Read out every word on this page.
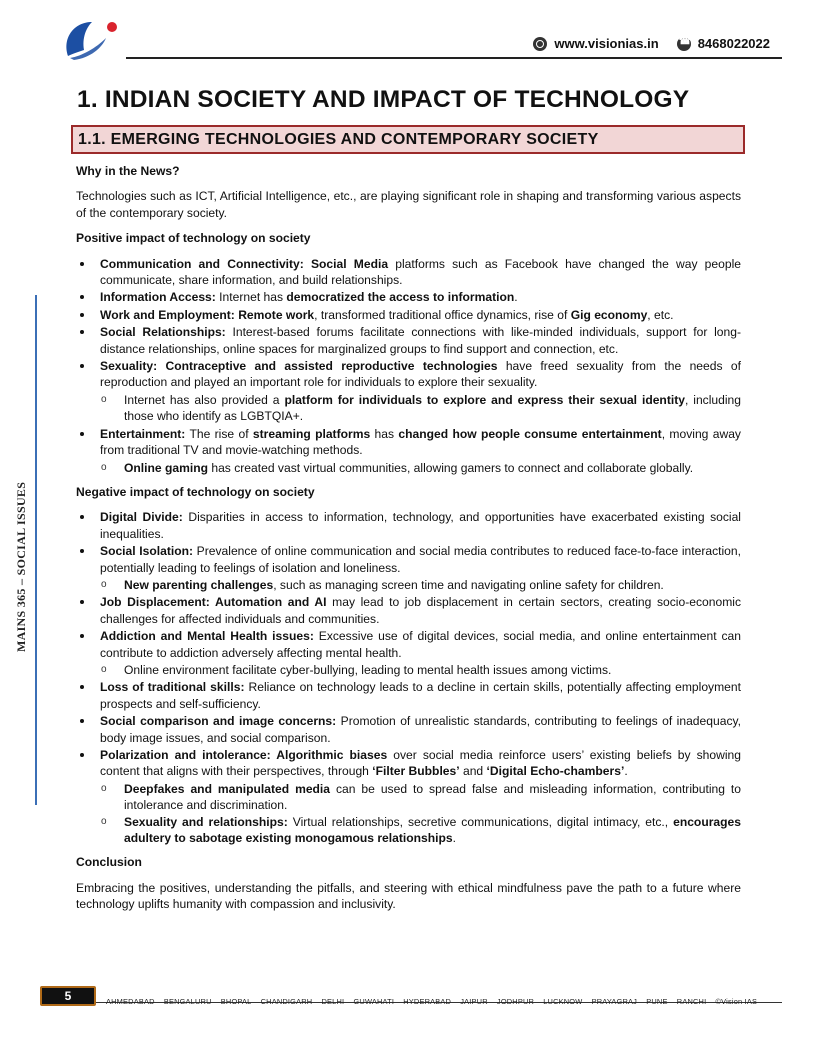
www.visionias.in
☎	8468022022
MAINS 365 – SOCIAL ISSUES
1. INDIAN SOCIETY AND IMPACT OF TECHNOLOGY
1.1. EMERGING TECHNOLOGIES AND CONTEMPORARY SOCIETY

Why in the News?

Technologies such as ICT, Artificial Intelligence, etc., are playing significant role in shaping and transforming various aspects of the contemporary society.

Positive impact of technology on society

Communication and Connectivity: Social Media platforms such as Facebook have changed the way people communicate, share information, and build relationships.
Information Access: Internet has democratized the access to information.
Work and Employment: Remote work, transformed traditional office dynamics, rise of Gig economy, etc.
Social Relationships: Interest-based forums facilitate connections with like-minded individuals, support for long-distance relationships, online spaces for marginalized groups to find support and connection, etc.
Sexuality: Contraceptive and assisted reproductive technologies have freed sexuality from the needs of reproduction and played an important role for individuals to explore their sexuality.
o Internet has also provided a platform for individuals to explore and express their sexual identity, including those who identify as LGBTQIA+.
Entertainment: The rise of streaming platforms has changed how people consume entertainment, moving away from traditional TV and movie-watching methods.
o Online gaming has created vast virtual communities, allowing gamers to connect and collaborate globally.

Negative impact of technology on society

Digital Divide: Disparities in access to information, technology, and opportunities have exacerbated existing social inequalities.
Social Isolation: Prevalence of online communication and social media contributes to reduced face-to-face interaction, potentially leading to feelings of isolation and loneliness.
o New parenting challenges, such as managing screen time and navigating online safety for children.
Job Displacement: Automation and AI may lead to job displacement in certain sectors, creating socio-economic challenges for affected individuals and communities.
Addiction and Mental Health issues: Excessive use of digital devices, social media, and online entertainment can contribute to addiction adversely affecting mental health.
o Online environment facilitate cyber-bullying, leading to mental health issues among victims.
Loss of traditional skills: Reliance on technology leads to a decline in certain skills, potentially affecting employment prospects and self-sufficiency.
Social comparison and image concerns: Promotion of unrealistic standards, contributing to feelings of inadequacy, body image issues, and social comparison.
Polarization and intolerance: Algorithmic biases over social media reinforce users’ existing beliefs by showing content that aligns with their perspectives, through ‘Filter Bubbles’ and ‘Digital Echo-chambers’.
o Deepfakes and manipulated media can be used to spread false and misleading information, contributing to intolerance and discrimination.
o Sexuality and relationships: Virtual relationships, secretive communications, digital intimacy, etc., encourages adultery to sabotage existing monogamous relationships.

Conclusion

Embracing the positives, understanding the pitfalls, and steering with ethical mindfulness pave the path to a future where technology uplifts humanity with compassion and inclusivity.

5	AHMEDABAD BENGALURU BHOPAL CHANDIGARH DELHI GUWAHATI HYDERABAD JAIPUR JODHPUR LUCKNOW PRAYAGRAJ PUNE RANCHI ©Vision IAS
